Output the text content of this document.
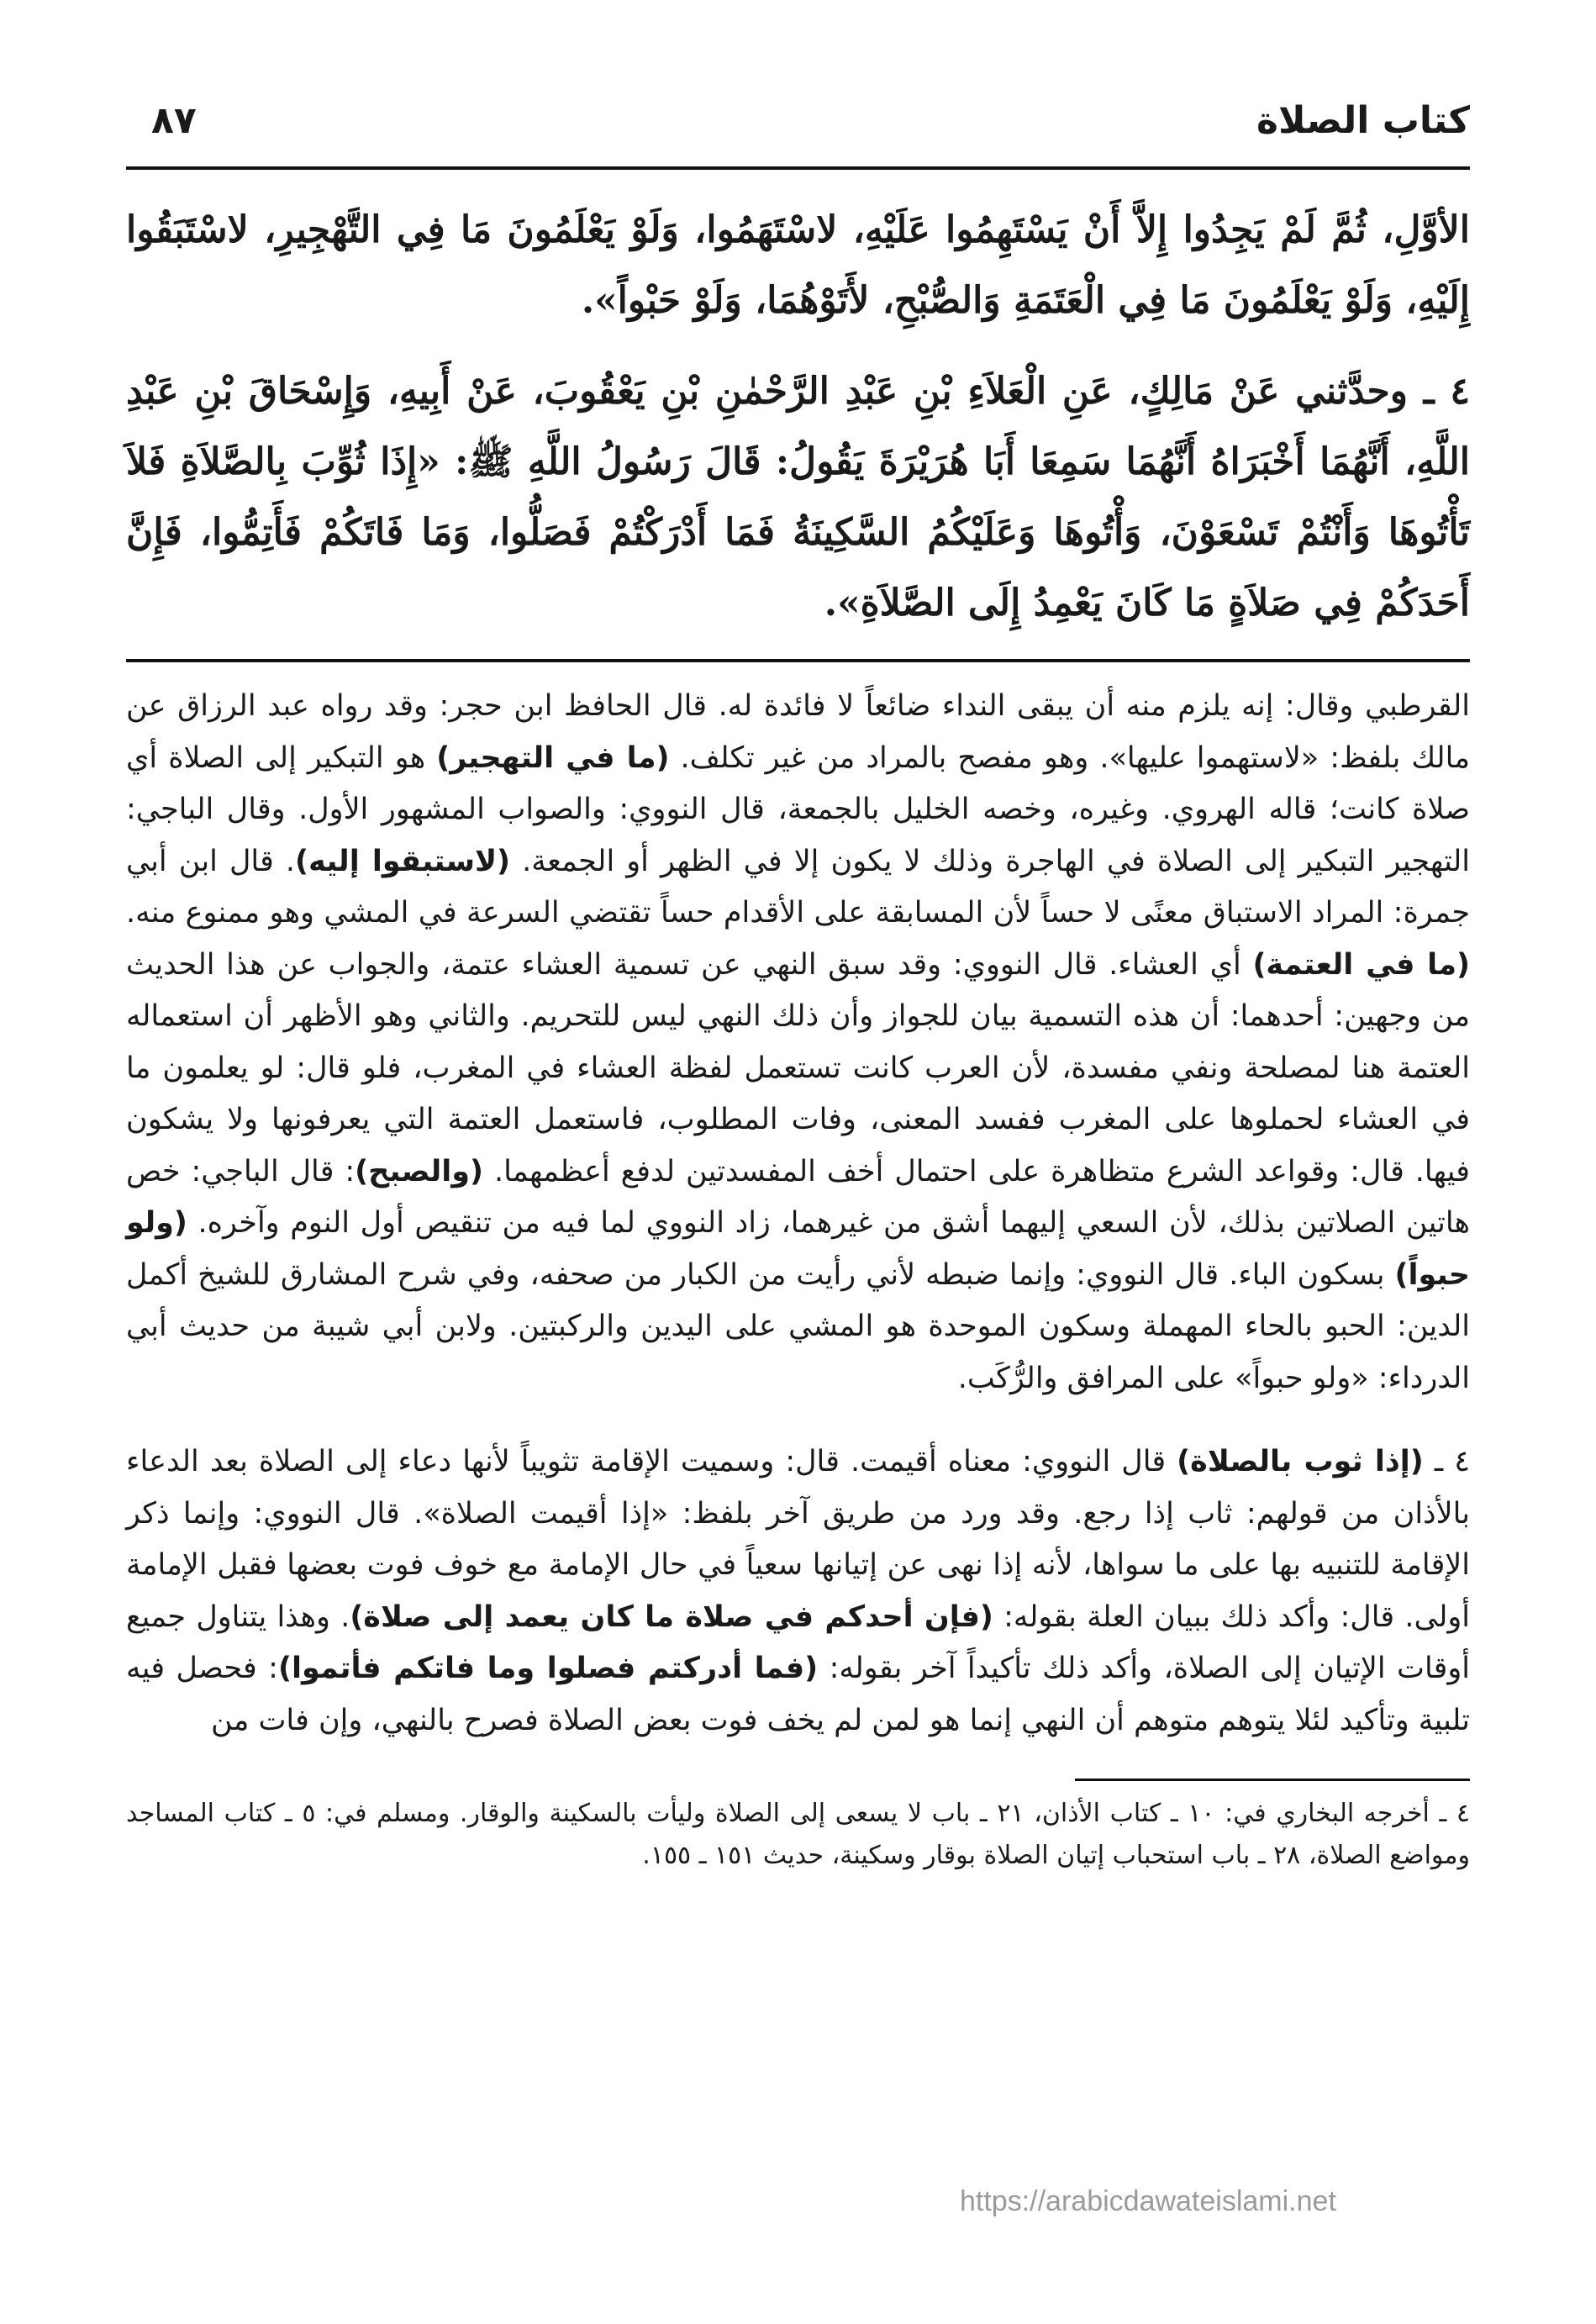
كتاب الصلاة
٨٧

الأوَّلِ، ثُمَّ لَمْ يَجِدُوا إِلاَّ أَنْ يَسْتَهِمُوا عَلَيْهِ، لاسْتَهَمُوا، وَلَوْ يَعْلَمُونَ مَا فِي التَّهْجِيرِ، لاسْتَبَقُوا إِلَيْهِ، وَلَوْ يَعْلَمُونَ مَا فِي الْعَتَمَةِ وَالصُّبْحِ، لأَتَوْهُمَا، وَلَوْ حَبْواً».

٤ ـ وحدَّثني عَنْ مَالِكٍ، عَنِ الْعَلاَءِ بْنِ عَبْدِ الرَّحْمٰنِ بْنِ يَعْقُوبَ، عَنْ أَبِيهِ، وَإِسْحَاقَ بْنِ عَبْدِ اللَّهِ، أَنَّهُمَا أَخْبَرَاهُ أَنَّهُمَا سَمِعَا أَبَا هُرَيْرَةَ يَقُولُ: قَالَ رَسُولُ اللَّهِ ﷺ: «إِذَا ثُوِّبَ بِالصَّلاَةِ فَلاَ تَأْتُوهَا وَأَنْتُمْ تَسْعَوْنَ، وَأْتُوهَا وَعَلَيْكُمُ السَّكِينَةُ فَمَا أَدْرَكْتُمْ فَصَلُّوا، وَمَا فَاتَكُمْ فَأَتِمُّوا، فَإِنَّ أَحَدَكُمْ فِي صَلاَةٍ مَا كَانَ يَعْمِدُ إِلَى الصَّلاَةِ».

القرطبي وقال: إنه يلزم منه أن يبقى النداء ضائعاً لا فائدة له. قال الحافظ ابن حجر: وقد رواه عبد الرزاق عن مالك بلفظ: «لاستهموا عليها». وهو مفصح بالمراد من غير تكلف. (ما في التهجير) هو التبكير إلى الصلاة أي صلاة كانت؛ قاله الهروي. وغيره، وخصه الخليل بالجمعة، قال النووي: والصواب المشهور الأول. وقال الباجي: التهجير التبكير إلى الصلاة في الهاجرة وذلك لا يكون إلا في الظهر أو الجمعة. (لاستبقوا إليه). قال ابن أبي جمرة: المراد الاستباق معنًى لا حساً لأن المسابقة على الأقدام حساً تقتضي السرعة في المشي وهو ممنوع منه. (ما في العتمة) أي العشاء. قال النووي: وقد سبق النهي عن تسمية العشاء عتمة، والجواب عن هذا الحديث من وجهين: أحدهما: أن هذه التسمية بيان للجواز وأن ذلك النهي ليس للتحريم. والثاني وهو الأظهر أن استعماله العتمة هنا لمصلحة ونفي مفسدة، لأن العرب كانت تستعمل لفظة العشاء في المغرب، فلو قال: لو يعلمون ما في العشاء لحملوها على المغرب ففسد المعنى، وفات المطلوب، فاستعمل العتمة التي يعرفونها ولا يشكون فيها. قال: وقواعد الشرع متظاهرة على احتمال أخف المفسدتين لدفع أعظمهما. (والصبح): قال الباجي: خص هاتين الصلاتين بذلك، لأن السعي إليهما أشق من غيرهما، زاد النووي لما فيه من تنقيص أول النوم وآخره. (ولو حبواً) بسكون الباء. قال النووي: وإنما ضبطه لأني رأيت من الكبار من صحفه، وفي شرح المشارق للشيخ أكمل الدين: الحبو بالحاء المهملة وسكون الموحدة هو المشي على اليدين والركبتين. ولابن أبي شيبة من حديث أبي الدرداء: «ولو حبواً» على المرافق والرُّكَب.

٤ ـ (إذا ثوب بالصلاة) قال النووي: معناه أقيمت. قال: وسميت الإقامة تثويباً لأنها دعاء إلى الصلاة بعد الدعاء بالأذان من قولهم: ثاب إذا رجع. وقد ورد من طريق آخر بلفظ: «إذا أقيمت الصلاة». قال النووي: وإنما ذكر الإقامة للتنبيه بها على ما سواها، لأنه إذا نهى عن إتيانها سعياً في حال الإمامة مع خوف فوت بعضها فقبل الإمامة أولى. قال: وأكد ذلك ببيان العلة بقوله: (فإن أحدكم في صلاة ما كان يعمد إلى صلاة). وهذا يتناول جميع أوقات الإتيان إلى الصلاة، وأكد ذلك تأكيداً آخر بقوله: (فما أدركتم فصلوا وما فاتكم فأتموا): فحصل فيه تلبية وتأكيد لئلا يتوهم متوهم أن النهي إنما هو لمن لم يخف فوت بعض الصلاة فصرح بالنهي، وإن فات من

٤ ـ أخرجه البخاري في: ١٠ ـ كتاب الأذان، ٢١ ـ باب لا يسعى إلى الصلاة وليأت بالسكينة والوقار. ومسلم في: ٥ ـ كتاب المساجد ومواضع الصلاة، ٢٨ ـ باب استحباب إتيان الصلاة بوقار وسكينة، حديث ١٥١ ـ ١٥٥.

https://arabicdawateislami.net
